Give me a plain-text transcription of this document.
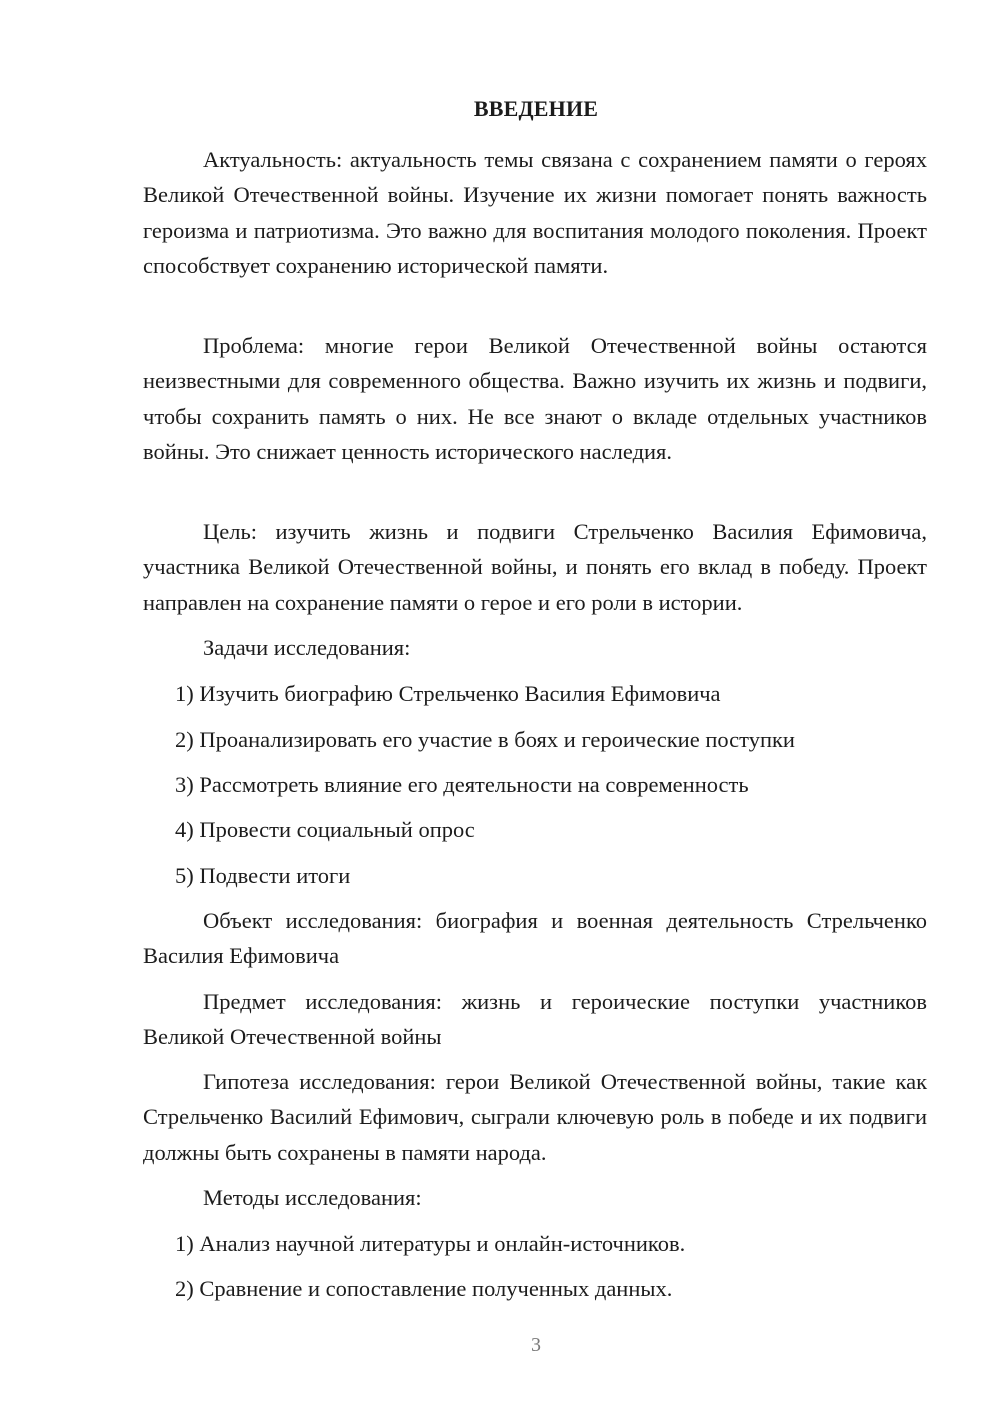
ВВЕДЕНИЕ

Актуальность: актуальность темы связана с сохранением памяти о героях Великой Отечественной войны. Изучение их жизни помогает понять важность героизма и патриотизма. Это важно для воспитания молодого поколения. Проект способствует сохранению исторической памяти.

Проблема: многие герои Великой Отечественной войны остаются неизвестными для современного общества. Важно изучить их жизнь и подвиги, чтобы сохранить память о них. Не все знают о вкладе отдельных участников войны. Это снижает ценность исторического наследия.

Цель: изучить жизнь и подвиги Стрельченко Василия Ефимовича, участника Великой Отечественной войны, и понять его вклад в победу. Проект направлен на сохранение памяти о герое и его роли в истории.

Задачи исследования:

1) Изучить биографию Стрельченко Василия Ефимовича

2) Проанализировать его участие в боях и героические поступки

3) Рассмотреть влияние его деятельности на современность

4) Провести социальный опрос

5) Подвести итоги

Объект исследования: биография и военная деятельность Стрельченко Василия Ефимовича

Предмет исследования: жизнь и героические поступки участников Великой Отечественной войны

Гипотеза исследования: герои Великой Отечественной войны, такие как Стрельченко Василий Ефимович, сыграли ключевую роль в победе и их подвиги должны быть сохранены в памяти народа.

Методы исследования:

1) Анализ научной литературы и онлайн-источников.

2) Сравнение и сопоставление полученных данных.

3
